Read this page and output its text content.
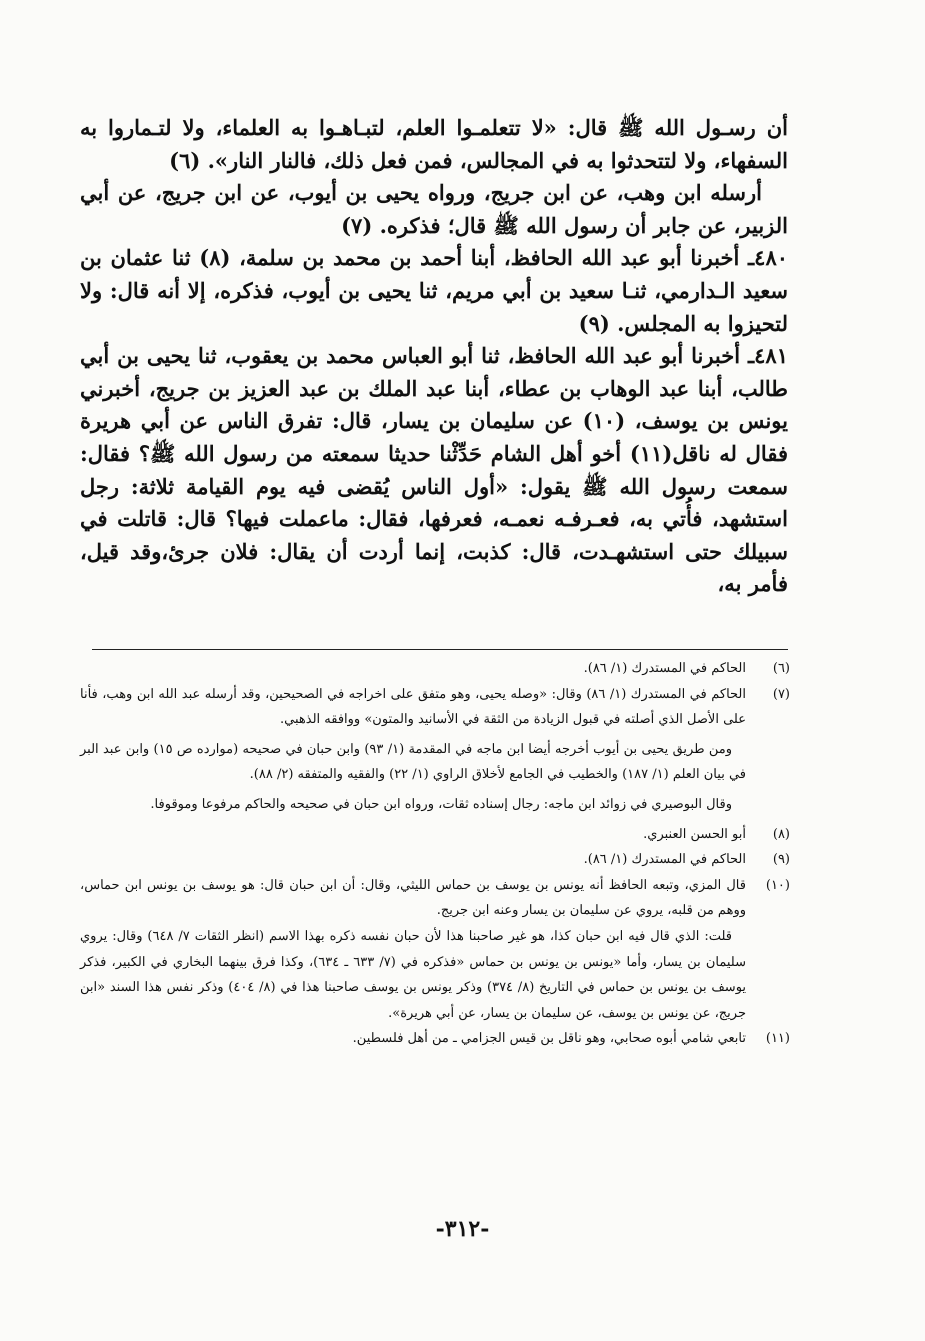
أن رسـول الله ﷺ قال: «لا تتعلمـوا العلم، لتبـاهـوا به العلماء، ولا لتـماروا به السفهاء، ولا لتتحدثوا به في المجالس، فمن فعل ذلك، فالنار النار». (٦)

أرسله ابن وهب، عن ابن جريج، ورواه يحيى بن أيوب، عن ابن جريج، عن أبي الزبير، عن جابر أن رسول الله ﷺ قال؛ فذكره. (٧)

٤٨٠ـ أخبرنا أبو عبد الله الحافظ، أبنا أحمد بن محمد بن سلمة، (٨) ثنا عثمان بن سعيد الـدارمي، ثنـا سعيد بن أبي مريم، ثنا يحيى بن أيوب، فذكره، إلا أنه قال: ولا لتحيزوا به المجلس. (٩)

٤٨١ـ أخبرنا أبو عبد الله الحافظ، ثنا أبو العباس محمد بن يعقوب، ثنا يحيى بن أبي طالب، أبنا عبد الوهاب بن عطاء، أبنا عبد الملك بن عبد العزيز بن جريج، أخبرني يونس بن يوسف، (١٠) عن سليمان بن يسار، قال: تفرق الناس عن أبي هريرة فقال له ناقل(١١) أخو أهل الشام حَدِّثْنا حديثا سمعته من رسول الله ﷺ؟ فقال: سمعت رسول الله ﷺ يقول: «أول الناس يُقضى فيه يوم القيامة ثلاثة: رجل استشهد، فأُتي به، فعـرفـه نعمـه، فعرفها، فقال: ماعملت فيها؟ قال: قاتلت في سبيلك حتى استشهـدت، قال: كذبت، إنما أردت أن يقال: فلان جرئ،وقد قيل، فأمر به،

(٦)
الحاكم في المستدرك (١/ ٨٦).
(٧)
الحاكم في المستدرك (١/ ٨٦) وقال: «وصله يحيى، وهو متفق على اخراجه في الصحيحين، وقد أرسله عبد الله ابن وهب، فأنا على الأصل الذي أصلته في قبول الزيادة من الثقة في الأسانيد والمتون» ووافقه الذهبي.

ومن طريق يحيى بن أيوب أخرجه أيضا ابن ماجه في المقدمة (١/ ٩٣) وابن حبان في صحيحه (موارده ص ١٥) وابن عبد البر في بيان العلم (١/ ١٨٧) والخطيب في الجامع لأخلاق الراوي (١/ ٢٢) والفقيه والمتفقه (٢/ ٨٨).

وقال البوصيري في زوائد ابن ماجه: رجال إسناده ثقات، ورواه ابن حبان في صحيحه والحاكم مرفوعا وموقوفا.

(٨)
أبو الحسن العنبري.
(٩)
الحاكم في المستدرك (١/ ٨٦).
(١٠)
قال المزي، وتبعه الحافظ أنه يونس بن يوسف بن حماس الليثي، وقال: أن ابن حبان قال: هو يوسف بن يونس ابن حماس، ووهم من قلبه، يروي عن سليمان بن يسار وعنه ابن جريج.

قلت: الذي قال فيه ابن حبان كذا، هو غير صاحبنا هذا لأن حبان نفسه ذكره بهذا الاسم (انظر الثقات ٧/ ٦٤٨) وقال: يروي سليمان بن يسار، وأما «يونس بن يونس بن حماس «فذكره في (٧/ ٦٣٣ ـ ٦٣٤)، وكذا فرق بينهما البخاري في الكبير، فذكر يوسف بن يونس بن حماس في التاريخ (٨/ ٣٧٤) وذكر يونس بن يوسف صاحبنا هذا في (٨/ ٤٠٤) وذكر نفس هذا السند «ابن جريج، عن يونس بن يوسف، عن سليمان بن يسار، عن أبي هريرة».

(١١)
تابعي شامي أبوه صحابي، وهو ناقل بن قيس الجزامي ـ من أهل فلسطين.
-٣١٢-
